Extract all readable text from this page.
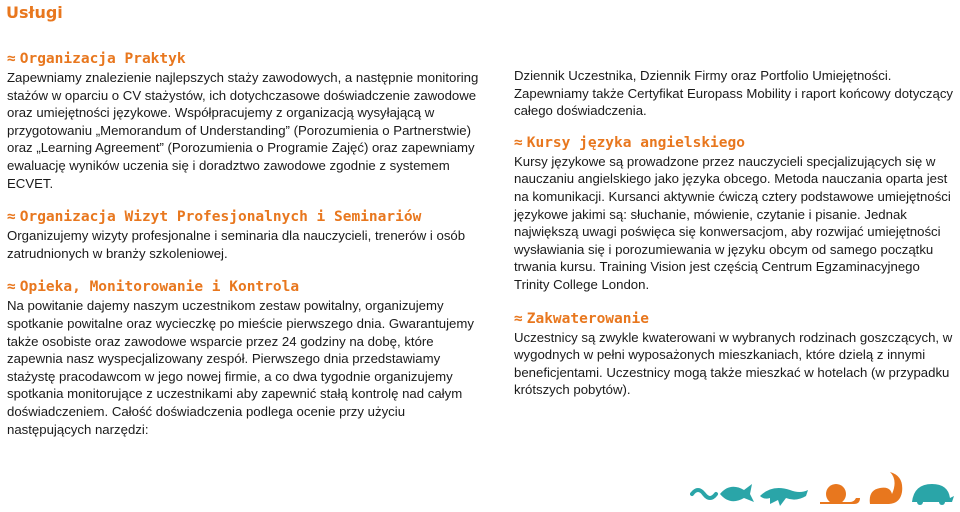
Usługi
≈ Organizacja Praktyk

Zapewniamy znalezienie najlepszych staży zawodowych, a następnie monitoring stażów w oparciu o CV stażystów, ich dotychczasowe doświadczenie zawodowe oraz umiejętności językowe. Współpracujemy z organizacją wysyłającą w przygotowaniu „Memorandum of Understanding” (Porozumienia o Partnerstwie) oraz „Learning Agreement” (Porozumienia o Programie Zajęć) oraz zapewniamy ewaluację wyników uczenia się i doradztwo zawodowe zgodnie z systemem ECVET.

≈ Organizacja Wizyt Profesjonalnych i Seminariów

Organizujemy wizyty profesjonalne i seminaria dla nauczycieli, trenerów i osób zatrudnionych w branży szkoleniowej.

≈ Opieka, Monitorowanie i Kontrola

Na powitanie dajemy naszym uczestnikom zestaw powitalny, organizujemy spotkanie powitalne oraz wycieczkę po mieście pierwszego dnia. Gwarantujemy także osobiste oraz zawodowe wsparcie przez 24 godziny na dobę, które zapewnia nasz wyspecjalizowany zespół. Pierwszego dnia przedstawiamy stażystę pracodawcom w jego nowej firmie, a co dwa tygodnie organizujemy spotkania monitorujące z uczestnikami aby zapewnić stałą kontrolę nad całym doświadczeniem. Całość doświadczenia podlega ocenie przy użyciu następujących narzędzi:

Dziennik Uczestnika, Dziennik Firmy oraz Portfolio Umiejętności. Zapewniamy także Certyfikat Europass Mobility i raport końcowy dotyczący całego doświadczenia.

≈ Kursy języka angielskiego

Kursy językowe są prowadzone przez nauczycieli specjalizujących się w nauczaniu angielskiego jako języka obcego. Metoda nauczania oparta jest na komunikacji. Kursanci aktywnie ćwiczą cztery podstawowe umiejętności językowe jakimi są: słuchanie, mówienie, czytanie i pisanie. Jednak największą uwagi poświęca się konwersacjom, aby rozwijać umiejętności wysławiania się i porozumiewania w języku obcym od samego początku trwania kursu. Training Vision jest częścią Centrum Egzaminacyjnego Trinity College London.

≈ Zakwaterowanie

Uczestnicy są zwykle kwaterowani w wybranych rodzinach goszczących, w wygodnych w pełni wyposażonych mieszkaniach, które dzielą z innymi beneficjentami. Uczestnicy mogą także mieszkać w hotelach (w przypadku krótszych pobytów).
